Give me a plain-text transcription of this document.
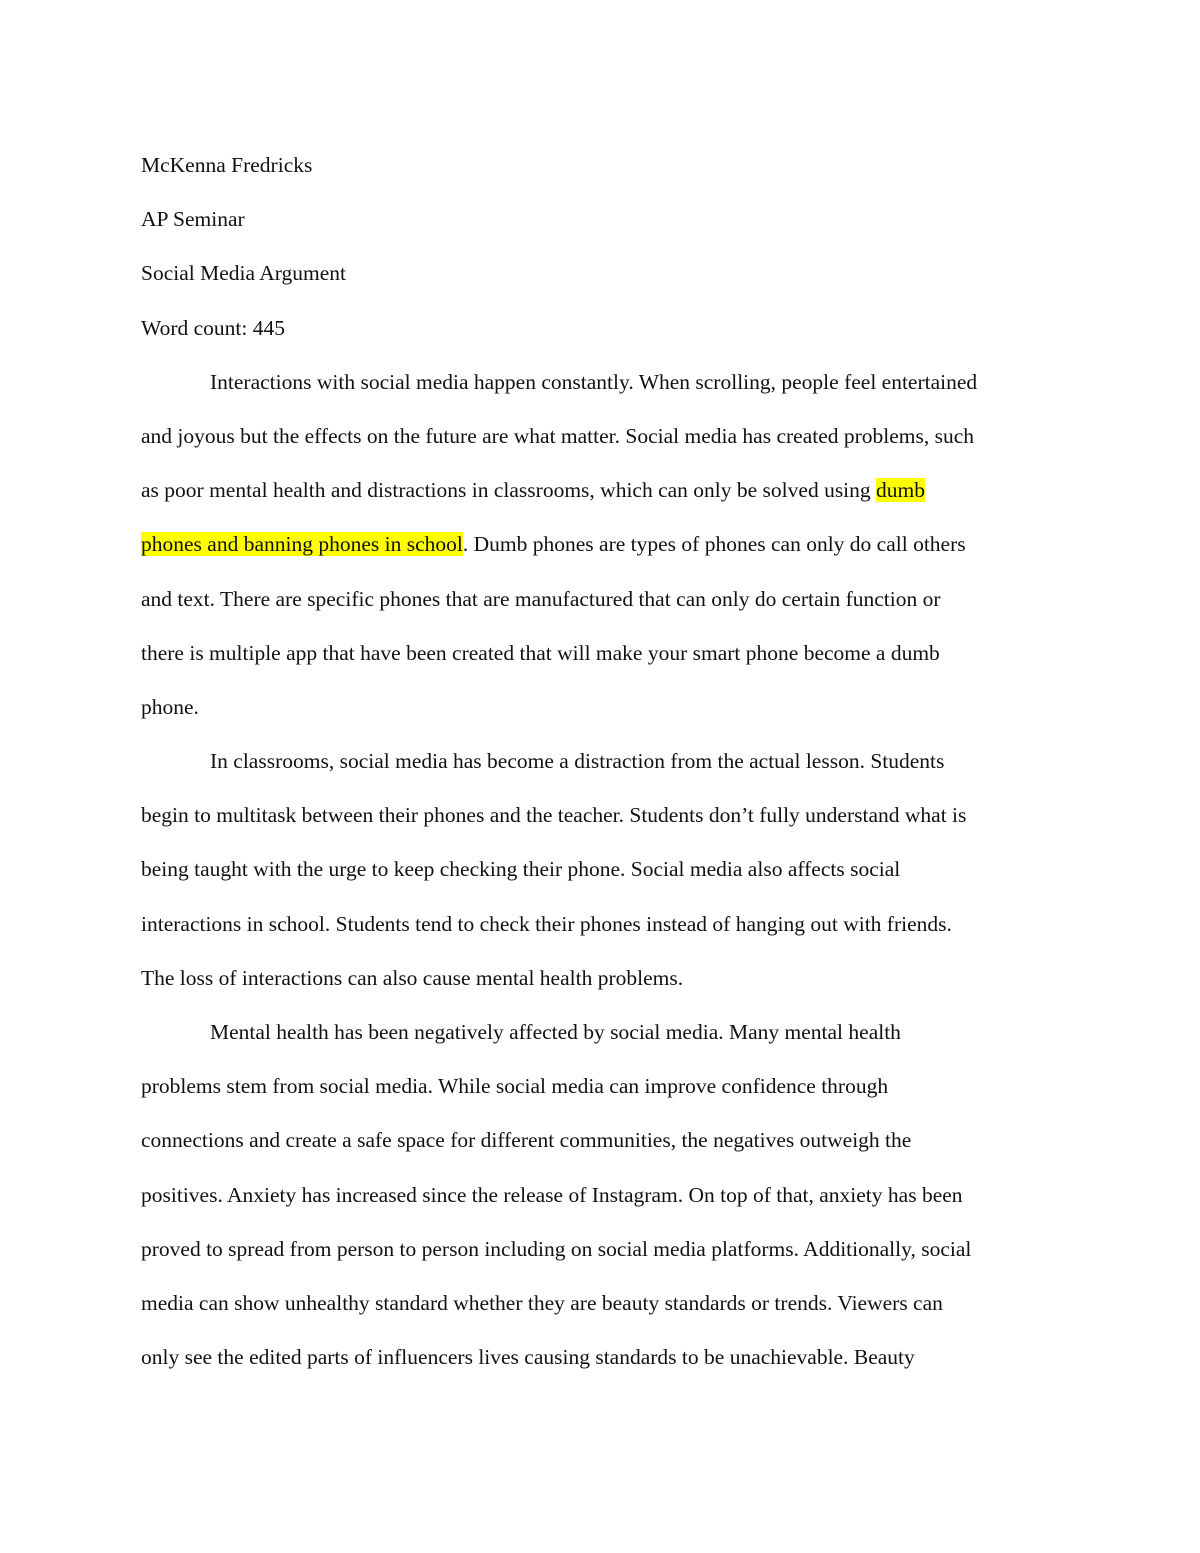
McKenna Fredricks
AP Seminar
Social Media Argument
Word count: 445
Interactions with social media happen constantly. When scrolling, people feel entertained
and joyous but the effects on the future are what matter. Social media has created problems, such
as poor mental health and distractions in classrooms, which can only be solved using dumb
phones and banning phones in school. Dumb phones are types of phones can only do call others
and text. There are specific phones that are manufactured that can only do certain function or
there is multiple app that have been created that will make your smart phone become a dumb
phone.
In classrooms, social media has become a distraction from the actual lesson. Students
begin to multitask between their phones and the teacher. Students don’t fully understand what is
being taught with the urge to keep checking their phone. Social media also affects social
interactions in school. Students tend to check their phones instead of hanging out with friends.
The loss of interactions can also cause mental health problems.
Mental health has been negatively affected by social media. Many mental health
problems stem from social media. While social media can improve confidence through
connections and create a safe space for different communities, the negatives outweigh the
positives. Anxiety has increased since the release of Instagram. On top of that, anxiety has been
proved to spread from person to person including on social media platforms. Additionally, social
media can show unhealthy standard whether they are beauty standards or trends. Viewers can
only see the edited parts of influencers lives causing standards to be unachievable. Beauty
